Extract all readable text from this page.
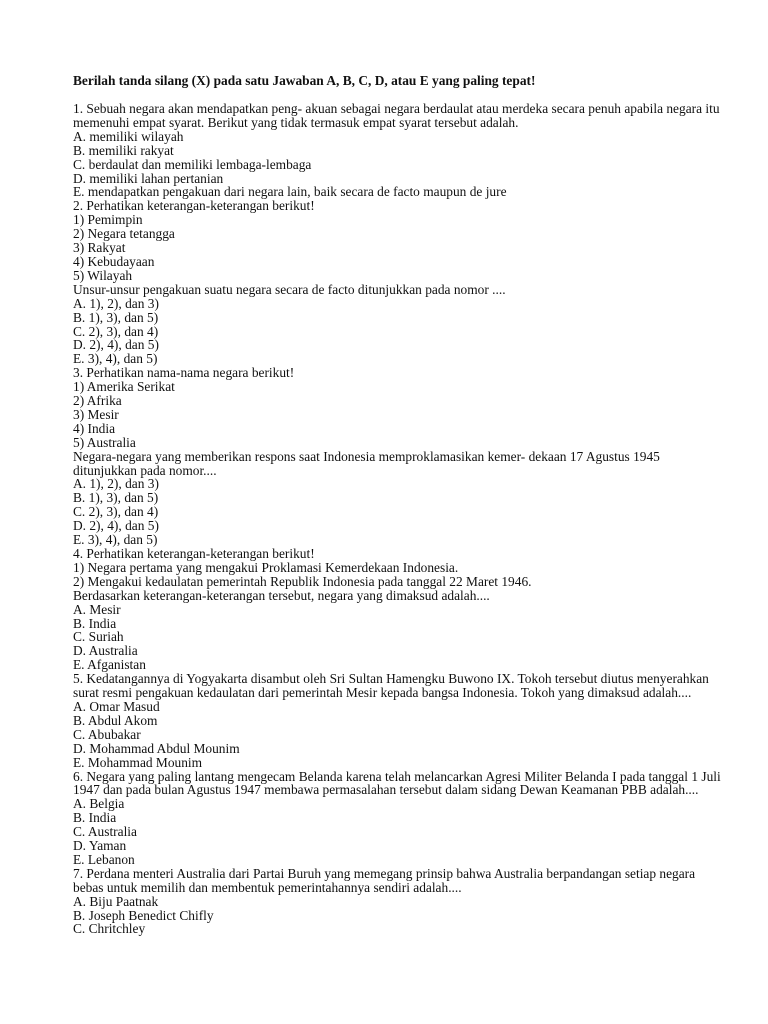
Berilah tanda silang (X) pada satu Jawaban A, B, C, D, atau E yang paling tepat!
1. Sebuah negara akan mendapatkan peng- akuan sebagai negara berdaulat atau merdeka secara penuh apabila negara itu memenuhi empat syarat. Berikut yang tidak termasuk empat syarat tersebut adalah.
A. memiliki wilayah
B. memiliki rakyat
C. berdaulat dan memiliki lembaga-lembaga
D. memiliki lahan pertanian
E. mendapatkan pengakuan dari negara lain, baik secara de facto maupun de jure
2. Perhatikan keterangan-keterangan berikut!
1) Pemimpin
2) Negara tetangga
3) Rakyat
4) Kebudayaan
5) Wilayah
Unsur-unsur pengakuan suatu negara secara de facto ditunjukkan pada nomor ....
A. 1), 2), dan 3)
B. 1), 3), dan 5)
C. 2), 3), dan 4)
D. 2), 4), dan 5)
E. 3), 4), dan 5)
3. Perhatikan nama-nama negara berikut!
1) Amerika Serikat
2) Afrika
3) Mesir
4) India
5) Australia
Negara-negara yang memberikan respons saat Indonesia memproklamasikan kemer- dekaan 17 Agustus 1945 ditunjukkan pada nomor....
A. 1), 2), dan 3)
B. 1), 3), dan 5)
C. 2), 3), dan 4)
D. 2), 4), dan 5)
E. 3), 4), dan 5)
4. Perhatikan keterangan-keterangan berikut!
1) Negara pertama yang mengakui Proklamasi Kemerdekaan Indonesia.
2) Mengakui kedaulatan pemerintah Republik Indonesia pada tanggal 22 Maret 1946.
Berdasarkan keterangan-keterangan tersebut, negara yang dimaksud adalah....
A. Mesir
B. India
C. Suriah
D. Australia
E. Afganistan
5. Kedatangannya di Yogyakarta disambut oleh Sri Sultan Hamengku Buwono IX. Tokoh tersebut diutus menyerahkan surat resmi pengakuan kedaulatan dari pemerintah Mesir kepada bangsa Indonesia. Tokoh yang dimaksud adalah....
A. Omar Masud
B. Abdul Akom
C. Abubakar
D. Mohammad Abdul Mounim
E. Mohammad Mounim
6. Negara yang paling lantang mengecam Belanda karena telah melancarkan Agresi Militer Belanda I pada tanggal 1 Juli 1947 dan pada bulan Agustus 1947 membawa permasalahan tersebut dalam sidang Dewan Keamanan PBB adalah....
A. Belgia
B. India
C. Australia
D. Yaman
E. Lebanon
7. Perdana menteri Australia dari Partai Buruh yang memegang prinsip bahwa Australia berpandangan setiap negara bebas untuk memilih dan membentuk pemerintahannya sendiri adalah....
A. Biju Paatnak
B. Joseph Benedict Chifly
C. Chritchley
